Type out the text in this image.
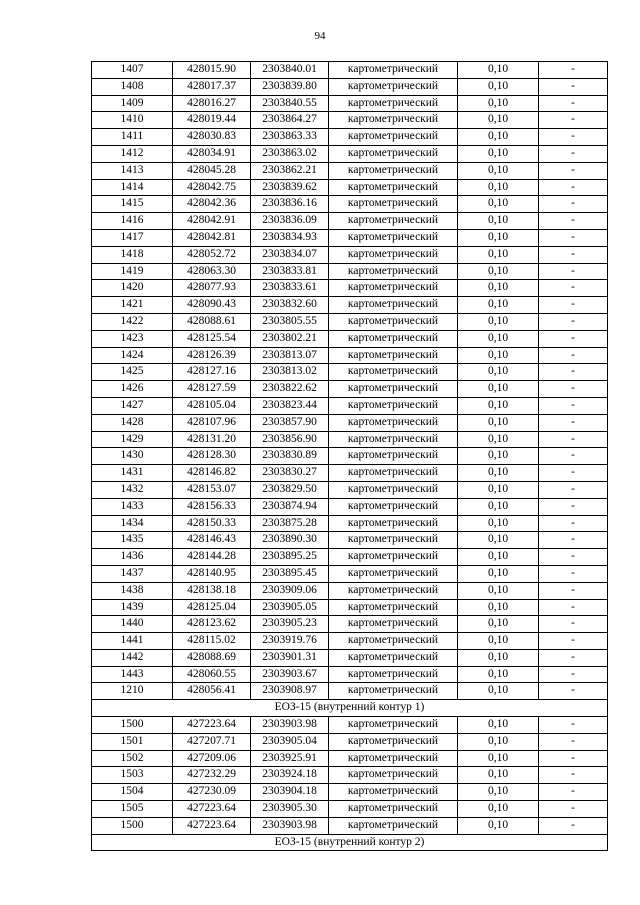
94
1407	428015.90	2303840.01	картометрический	0,10	-
1408	428017.37	2303839.80	картометрический	0,10	-
1409	428016.27	2303840.55	картометрический	0,10	-
1410	428019.44	2303864.27	картометрический	0,10	-
1411	428030.83	2303863.33	картометрический	0,10	-
1412	428034.91	2303863.02	картометрический	0,10	-
1413	428045.28	2303862.21	картометрический	0,10	-
1414	428042.75	2303839.62	картометрический	0,10	-
1415	428042.36	2303836.16	картометрический	0,10	-
1416	428042.91	2303836.09	картометрический	0,10	-
1417	428042.81	2303834.93	картометрический	0,10	-
1418	428052.72	2303834.07	картометрический	0,10	-
1419	428063.30	2303833.81	картометрический	0,10	-
1420	428077.93	2303833.61	картометрический	0,10	-
1421	428090.43	2303832.60	картометрический	0,10	-
1422	428088.61	2303805.55	картометрический	0,10	-
1423	428125.54	2303802.21	картометрический	0,10	-
1424	428126.39	2303813.07	картометрический	0,10	-
1425	428127.16	2303813.02	картометрический	0,10	-
1426	428127.59	2303822.62	картометрический	0,10	-
1427	428105.04	2303823.44	картометрический	0,10	-
1428	428107.96	2303857.90	картометрический	0,10	-
1429	428131.20	2303856.90	картометрический	0,10	-
1430	428128.30	2303830.89	картометрический	0,10	-
1431	428146.82	2303830.27	картометрический	0,10	-
1432	428153.07	2303829.50	картометрический	0,10	-
1433	428156.33	2303874.94	картометрический	0,10	-
1434	428150.33	2303875.28	картометрический	0,10	-
1435	428146.43	2303890.30	картометрический	0,10	-
1436	428144.28	2303895.25	картометрический	0,10	-
1437	428140.95	2303895.45	картометрический	0,10	-
1438	428138.18	2303909.06	картометрический	0,10	-
1439	428125.04	2303905.05	картометрический	0,10	-
1440	428123.62	2303905.23	картометрический	0,10	-
1441	428115.02	2303919.76	картометрический	0,10	-
1442	428088.69	2303901.31	картометрический	0,10	-
1443	428060.55	2303903.67	картометрический	0,10	-
1210	428056.41	2303908.97	картометрический	0,10	-
ЕОЗ-15 (внутренний контур 1)					
1500	427223.64	2303903.98	картометрический	0,10	-
1501	427207.71	2303905.04	картометрический	0,10	-
1502	427209.06	2303925.91	картометрический	0,10	-
1503	427232.29	2303924.18	картометрический	0,10	-
1504	427230.09	2303904.18	картометрический	0,10	-
1505	427223.64	2303905.30	картометрический	0,10	-
1500	427223.64	2303903.98	картометрический	0,10	-
ЕОЗ-15 (внутренний контур 2)					
